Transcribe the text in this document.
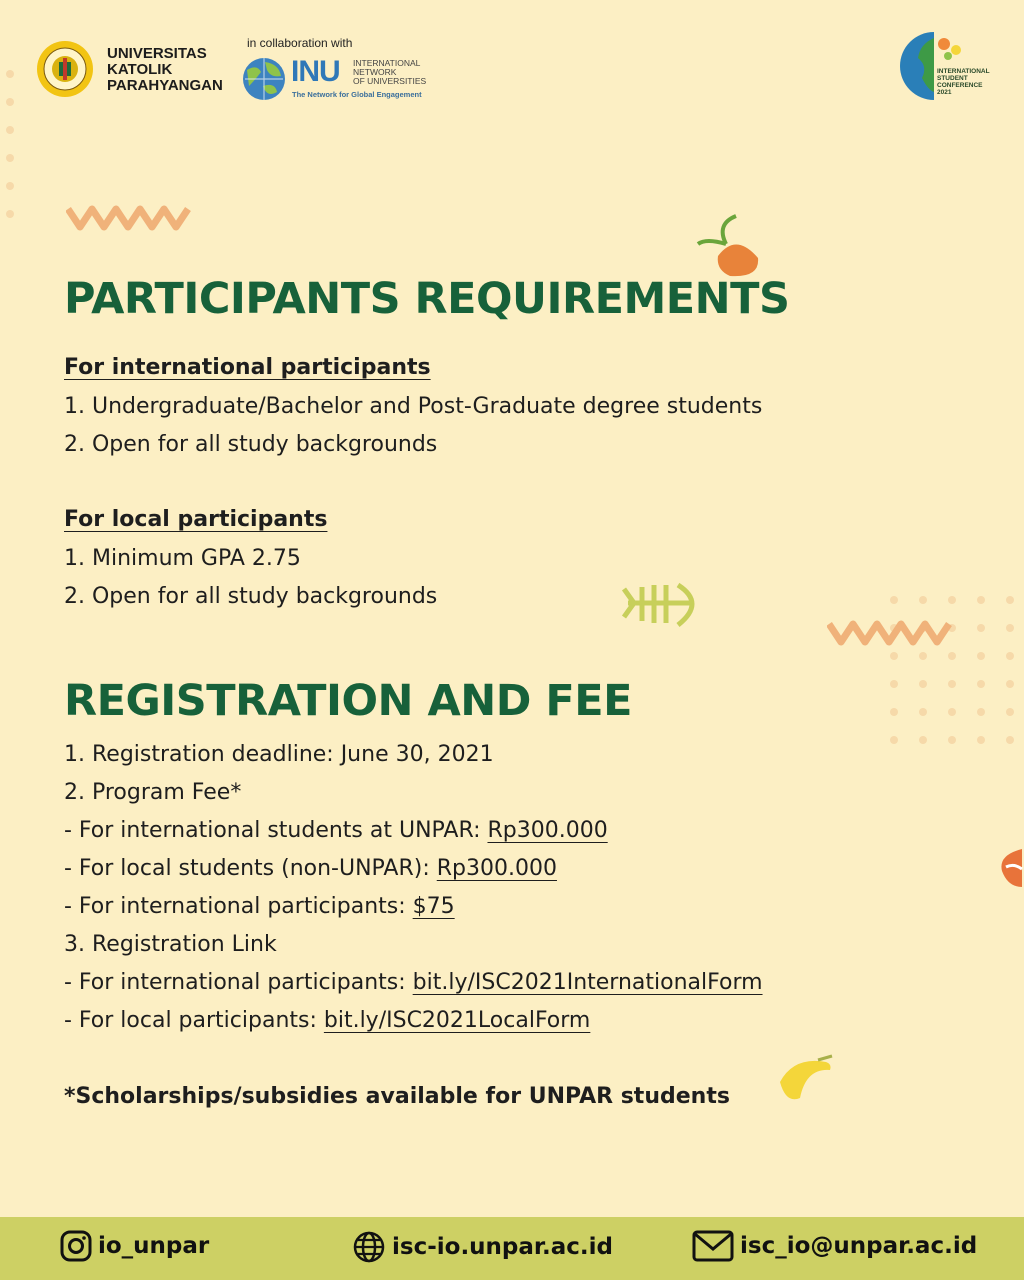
UNIVERSITAS
KATOLIK
PARAHYANGAN
in collaboration with
INU INTERNATIONAL
NETWORK
OF UNIVERSITIES
The Network for Global Engagement
INTERNATIONAL
STUDENT
CONFERENCE
2021
PARTICIPANTS REQUIREMENTS
For international participants
1. Undergraduate/Bachelor and Post-Graduate degree students
2. Open for all study backgrounds
For local participants
1. Minimum GPA 2.75
2. Open for all study backgrounds
REGISTRATION AND FEE
1. Registration deadline: June 30, 2021
2. Program Fee*
- For international students at UNPAR: Rp300.000
- For local students (non-UNPAR): Rp300.000
- For international participants: $75
3. Registration Link
- For international participants: bit.ly/ISC2021InternationalForm
- For local participants: bit.ly/ISC2021LocalForm
*Scholarships/subsidies available for UNPAR students
io_unpar	isc-io.unpar.ac.id	isc_io@unpar.ac.id
